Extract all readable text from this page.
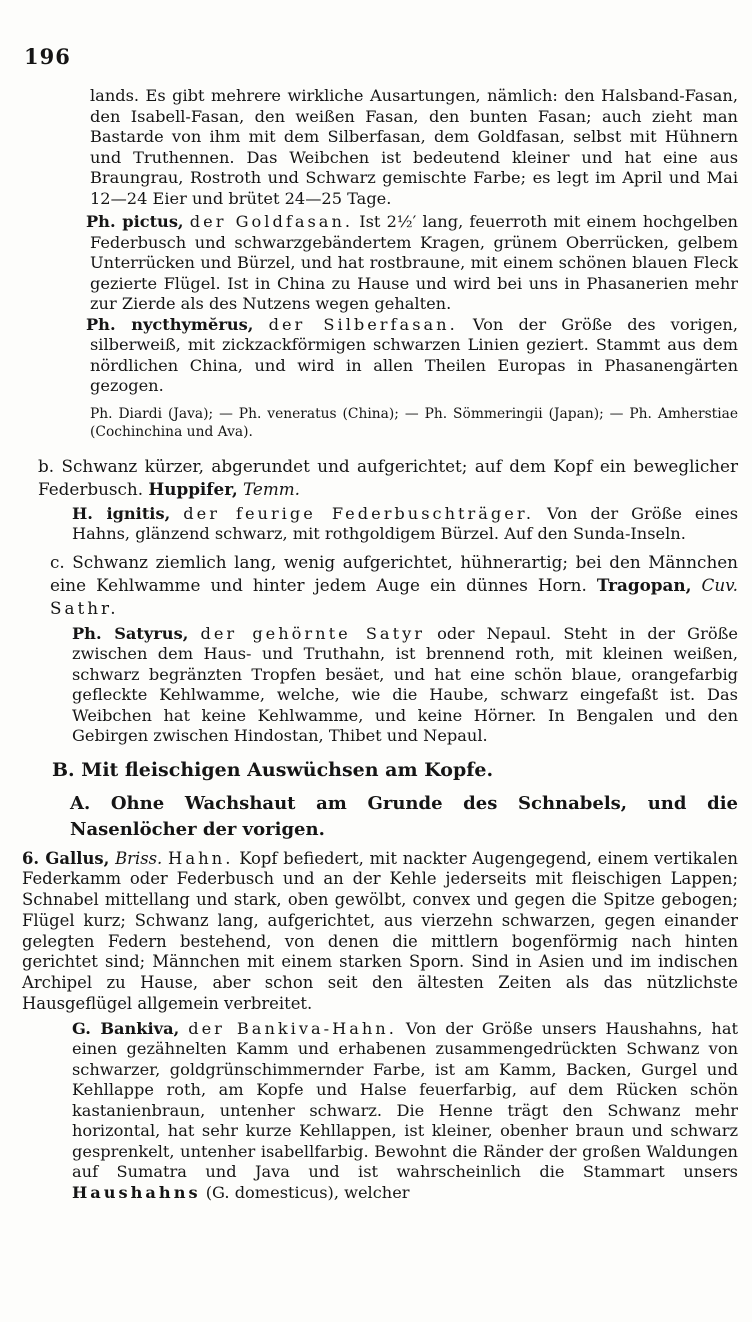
196

lands. Es gibt mehrere wirkliche Ausartungen, nämlich: den Halsband-Fasan, den Isabell-Fasan, den weißen Fasan, den bunten Fasan; auch zieht man Bastarde von ihm mit dem Silberfasan, dem Goldfasan, selbst mit Hühnern und Truthennen. Das Weibchen ist bedeutend kleiner und hat eine aus Braungrau, Rostroth und Schwarz gemischte Farbe; es legt im April und Mai 12—24 Eier und brütet 24—25 Tage.

Ph. pictus, der Goldfasan. Ist 2½′ lang, feuerroth mit einem hochgelben Federbusch und schwarzgebändertem Kragen, grünem Oberrücken, gelbem Unterrücken und Bürzel, und hat rostbraune, mit einem schönen blauen Fleck gezierte Flügel. Ist in China zu Hause und wird bei uns in Phasanerien mehr zur Zierde als des Nutzens wegen gehalten.

Ph. nycthymĕrus, der Silberfasan. Von der Größe des vorigen, silberweiß, mit zickzackförmigen schwarzen Linien geziert. Stammt aus dem nördlichen China, und wird in allen Theilen Europas in Phasanengärten gezogen.

Ph. Diardi (Java); — Ph. veneratus (China); — Ph. Sömmeringii (Japan); — Ph. Amherstiae (Cochinchina und Ava).

b. Schwanz kürzer, abgerundet und aufgerichtet; auf dem Kopf ein beweglicher Federbusch. Huppifer, Temm.

H. ignitis, der feurige Federbuschträger. Von der Größe eines Hahns, glänzend schwarz, mit rothgoldigem Bürzel. Auf den Sunda-Inseln.

c. Schwanz ziemlich lang, wenig aufgerichtet, hühnerartig; bei den Männchen eine Kehlwamme und hinter jedem Auge ein dünnes Horn. Tragopan, Cuv. Sathr.

Ph. Satyrus, der gehörnte Satyr oder Nepaul. Steht in der Größe zwischen dem Haus- und Truthahn, ist brennend roth, mit kleinen weißen, schwarz begränzten Tropfen besäet, und hat eine schön blaue, orangefarbig gefleckte Kehlwamme, welche, wie die Haube, schwarz eingefaßt ist. Das Weibchen hat keine Kehlwamme, und keine Hörner. In Bengalen und den Gebirgen zwischen Hindostan, Thibet und Nepaul.

B. Mit fleischigen Auswüchsen am Kopfe.

A. Ohne Wachshaut am Grunde des Schnabels, und die Nasenlöcher der vorigen.

6. Gallus, Briss. Hahn. Kopf befiedert, mit nackter Augengegend, einem vertikalen Federkamm oder Federbusch und an der Kehle jederseits mit fleischigen Lappen; Schnabel mittellang und stark, oben gewölbt, convex und gegen die Spitze gebogen; Flügel kurz; Schwanz lang, aufgerichtet, aus vierzehn schwarzen, gegen einander gelegten Federn bestehend, von denen die mittlern bogenförmig nach hinten gerichtet sind; Männchen mit einem starken Sporn. Sind in Asien und im indischen Archipel zu Hause, aber schon seit den ältesten Zeiten als das nützlichste Hausgeflügel allgemein verbreitet.

G. Bankiva, der Bankiva-Hahn. Von der Größe unsers Haushahns, hat einen gezähnelten Kamm und erhabenen zusammengedrückten Schwanz von schwarzer, goldgrünschimmernder Farbe, ist am Kamm, Backen, Gurgel und Kehllappe roth, am Kopfe und Halse feuerfarbig, auf dem Rücken schön kastanienbraun, untenher schwarz. Die Henne trägt den Schwanz mehr horizontal, hat sehr kurze Kehllappen, ist kleiner, obenher braun und schwarz gesprenkelt, untenher isabellfarbig. Bewohnt die Ränder der großen Waldungen auf Sumatra und Java und ist wahrscheinlich die Stammart unsers Haushahns (G. domesticus), welcher
